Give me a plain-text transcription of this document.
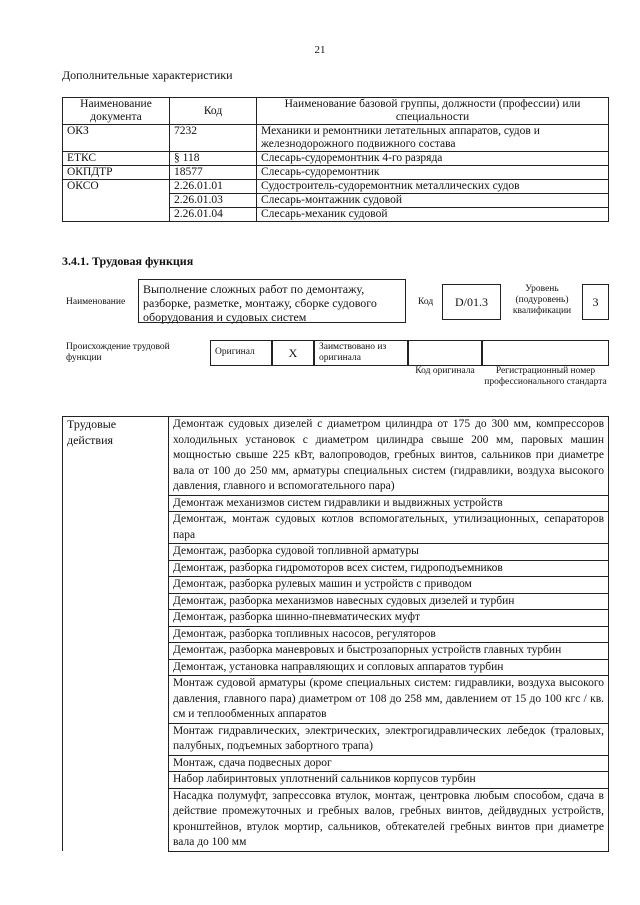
21
Дополнительные характеристики
Наименование документа	Код	Наименование базовой группы, должности (профессии) или специальности
ОКЗ	7232	Механики и ремонтники летательных аппаратов, судов и железнодорожного подвижного состава
ЕТКС	§ 118	Слесарь-судоремонтник 4-го разряда
ОКПДТР	18577	Слесарь-судоремонтник
ОКСО	2.26.01.01	Судостроитель-судоремонтник металлических судов
	2.26.01.03	Слесарь-монтажник судовой
	2.26.01.04	Слесарь-механик судовой
3.4.1. Трудовая функция
Наименование
Выполнение сложных работ по демонтажу, разборке, разметке, монтажу, сборке судового оборудования и судовых систем
Код	D/01.3
Уровень (подуровень) квалификации
3
Происхождение трудовой функции
Оригинал	X	Заимствовано из оригинала
Код оригинала	Регистрационный номер профессионального стандарта
Трудовые действия	Демонтаж судовых дизелей с диаметром цилиндра от 175 до 300 мм, компрессоров холодильных установок с диаметром цилиндра свыше 200 мм, паровых машин мощностью свыше 225 кВт, валопроводов, гребных винтов, сальников при диаметре вала от 100 до 250 мм, арматуры специальных систем (гидравлики, воздуха высокого давления, главного и вспомогательного пара)
Демонтаж механизмов систем гидравлики и выдвижных устройств
Демонтаж, монтаж судовых котлов вспомогательных, утилизационных, сепараторов пара
Демонтаж, разборка судовой топливной арматуры
Демонтаж, разборка гидромоторов всех систем, гидроподъемников
Демонтаж, разборка рулевых машин и устройств с приводом
Демонтаж, разборка механизмов навесных судовых дизелей и турбин
Демонтаж, разборка шинно-пневматических муфт
Демонтаж, разборка топливных насосов, регуляторов
Демонтаж, разборка маневровых и быстрозапорных устройств главных турбин
Демонтаж, установка направляющих и сопловых аппаратов турбин
Монтаж судовой арматуры (кроме специальных систем: гидравлики, воздуха высокого давления, главного пара) диаметром от 108 до 258 мм, давлением от 15 до 100 кгс / кв. см и теплообменных аппаратов
Монтаж гидравлических, электрических, электрогидравлических лебедок (траловых, палубных, подъемных забортного трапа)
Монтаж, сдача подвесных дорог
Набор лабиринтовых уплотнений сальников корпусов турбин
Насадка полумуфт, запрессовка втулок, монтаж, центровка любым способом, сдача в действие промежуточных и гребных валов, гребных винтов, дейдвудных устройств, кронштейнов, втулок мортир, сальников, обтекателей гребных винтов при диаметре вала до 100 мм
